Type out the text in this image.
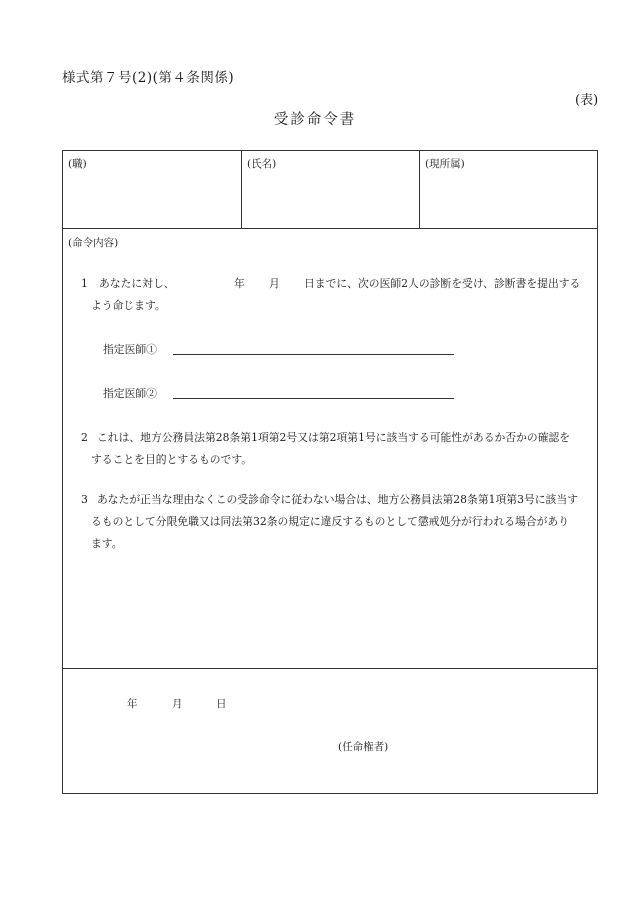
様式第７号(2)(第４条関係)
(表)
受診命令書
(職)	(氏名)	(現所属)
(命令内容)
1 あなたに対し、	年 月 日までに、次の医師2人の診断を受け、診断書を提出する
よう命じます。
指定医師①
指定医師②
2 これは、地方公務員法第28条第1項第2号又は第2項第1号に該当する可能性があるか否かの確認を
することを目的とするものです。
3 あなたが正当な理由なくこの受診命令に従わない場合は、地方公務員法第28条第1項第3号に該当す
るものとして分限免職又は同法第32条の規定に違反するものとして懲戒処分が行われる場合があり
ます。
年	月	日
(任命権者)
